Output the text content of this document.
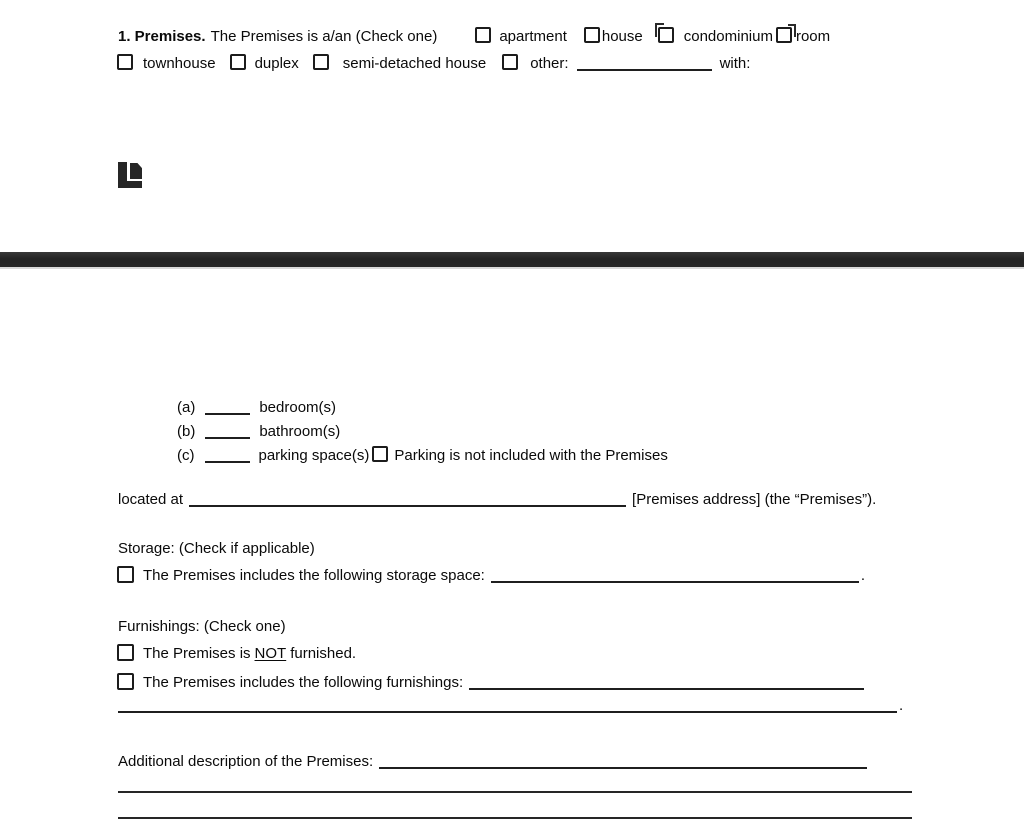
1. Premises. The Premises is a/an (Check one)	apartment house	condominium room
townhouse	duplex	semi-detached house	other:	with:
(a)	bedroom(s)
(b)	bathroom(s)
(c)	parking space(s) Parking is not included with the Premises
located at	[Premises address] (the “Premises”).
Storage: (Check if applicable)
The Premises includes the following storage space:	.
Furnishings: (Check one)
The Premises is NOT furnished.
The Premises includes the following furnishings:
.
Additional description of the Premises:
